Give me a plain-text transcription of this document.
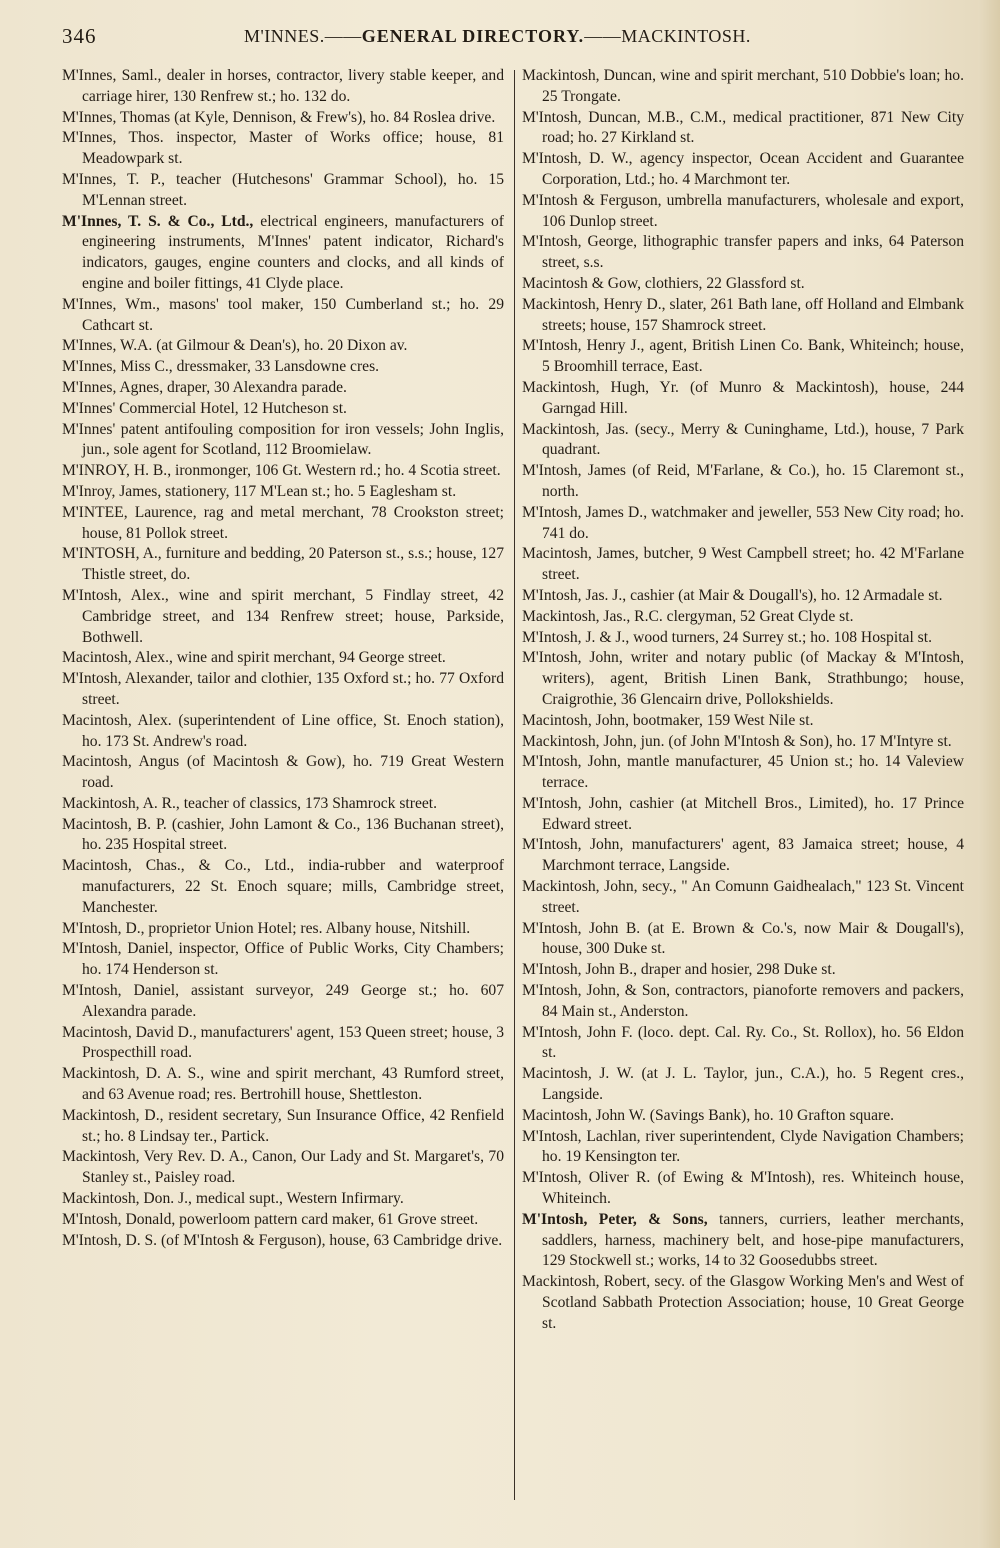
346	M'INNES.——GENERAL DIRECTORY.——MACKINTOSH.
M'Innes, Saml., dealer in horses, contractor, livery stable keeper, and carriage hirer, 130 Renfrew st.; ho. 132 do.
M'Innes, Thomas (at Kyle, Dennison, & Frew's), ho. 84 Roslea drive.
M'Innes, Thos. inspector, Master of Works office; house, 81 Meadowpark st.
M'Innes, T. P., teacher (Hutchesons' Grammar School), ho. 15 M'Lennan street.
M'Innes, T. S. & Co., Ltd., electrical engineers, manufacturers of engineering instruments, M'Innes' patent indicator, Richard's indicators, gauges, engine counters and clocks, and all kinds of engine and boiler fittings, 41 Clyde place.
M'Innes, Wm., masons' tool maker, 150 Cumberland st.; ho. 29 Cathcart st.
M'Innes, W.A. (at Gilmour & Dean's), ho. 20 Dixon av.
M'Innes, Miss C., dressmaker, 33 Lansdowne cres.
M'Innes, Agnes, draper, 30 Alexandra parade.
M'Innes' Commercial Hotel, 12 Hutcheson st.
M'Innes' patent antifouling composition for iron vessels; John Inglis, jun., sole agent for Scotland, 112 Broomielaw.
M'INROY, H. B., ironmonger, 106 Gt. Western rd.; ho. 4 Scotia street.
M'Inroy, James, stationery, 117 M'Lean st.; ho. 5 Eaglesham st.
M'INTEE, Laurence, rag and metal merchant, 78 Crookston street; house, 81 Pollok street.
M'INTOSH, A., furniture and bedding, 20 Paterson st., s.s.; house, 127 Thistle street, do.
M'Intosh, Alex., wine and spirit merchant, 5 Findlay street, 42 Cambridge street, and 134 Renfrew street; house, Parkside, Bothwell.
Macintosh, Alex., wine and spirit merchant, 94 George street.
M'Intosh, Alexander, tailor and clothier, 135 Oxford st.; ho. 77 Oxford street.
Macintosh, Alex. (superintendent of Line office, St. Enoch station), ho. 173 St. Andrew's road.
Macintosh, Angus (of Macintosh & Gow), ho. 719 Great Western road.
Mackintosh, A. R., teacher of classics, 173 Shamrock street.
Macintosh, B. P. (cashier, John Lamont & Co., 136 Buchanan street), ho. 235 Hospital street.
Macintosh, Chas., & Co., Ltd., india-rubber and waterproof manufacturers, 22 St. Enoch square; mills, Cambridge street, Manchester.
M'Intosh, D., proprietor Union Hotel; res. Albany house, Nitshill.
M'Intosh, Daniel, inspector, Office of Public Works, City Chambers; ho. 174 Henderson st.
M'Intosh, Daniel, assistant surveyor, 249 George st.; ho. 607 Alexandra parade.
Macintosh, David D., manufacturers' agent, 153 Queen street; house, 3 Prospecthill road.
Mackintosh, D. A. S., wine and spirit merchant, 43 Rumford street, and 63 Avenue road; res. Bertrohill house, Shettleston.
Mackintosh, D., resident secretary, Sun Insurance Office, 42 Renfield st.; ho. 8 Lindsay ter., Partick.
Mackintosh, Very Rev. D. A., Canon, Our Lady and St. Margaret's, 70 Stanley st., Paisley road.
Mackintosh, Don. J., medical supt., Western Infirmary.
M'Intosh, Donald, powerloom pattern card maker, 61 Grove street.
M'Intosh, D. S. (of M'Intosh & Ferguson), house, 63 Cambridge drive.
Mackintosh, Duncan, wine and spirit merchant, 510 Dobbie's loan; ho. 25 Trongate.
M'Intosh, Duncan, M.B., C.M., medical practitioner, 871 New City road; ho. 27 Kirkland st.
M'Intosh, D. W., agency inspector, Ocean Accident and Guarantee Corporation, Ltd.; ho. 4 Marchmont ter.
M'Intosh & Ferguson, umbrella manufacturers, wholesale and export, 106 Dunlop street.
M'Intosh, George, lithographic transfer papers and inks, 64 Paterson street, s.s.
Macintosh & Gow, clothiers, 22 Glassford st.
Mackintosh, Henry D., slater, 261 Bath lane, off Holland and Elmbank streets; house, 157 Shamrock street.
M'Intosh, Henry J., agent, British Linen Co. Bank, Whiteinch; house, 5 Broomhill terrace, East.
Mackintosh, Hugh, Yr. (of Munro & Mackintosh), house, 244 Garngad Hill.
Mackintosh, Jas. (secy., Merry & Cuninghame, Ltd.), house, 7 Park quadrant.
M'Intosh, James (of Reid, M'Farlane, & Co.), ho. 15 Claremont st., north.
M'Intosh, James D., watchmaker and jeweller, 553 New City road; ho. 741 do.
Macintosh, James, butcher, 9 West Campbell street; ho. 42 M'Farlane street.
M'Intosh, Jas. J., cashier (at Mair & Dougall's), ho. 12 Armadale st.
Mackintosh, Jas., R.C. clergyman, 52 Great Clyde st.
M'Intosh, J. & J., wood turners, 24 Surrey st.; ho. 108 Hospital st.
M'Intosh, John, writer and notary public (of Mackay & M'Intosh, writers), agent, British Linen Bank, Strathbungo; house, Craigrothie, 36 Glencairn drive, Pollokshields.
Macintosh, John, bootmaker, 159 West Nile st.
Mackintosh, John, jun. (of John M'Intosh & Son), ho. 17 M'Intyre st.
M'Intosh, John, mantle manufacturer, 45 Union st.; ho. 14 Valeview terrace.
M'Intosh, John, cashier (at Mitchell Bros., Limited), ho. 17 Prince Edward street.
M'Intosh, John, manufacturers' agent, 83 Jamaica street; house, 4 Marchmont terrace, Langside.
Mackintosh, John, secy., " An Comunn Gaidhealach," 123 St. Vincent street.
M'Intosh, John B. (at E. Brown & Co.'s, now Mair & Dougall's), house, 300 Duke st.
M'Intosh, John B., draper and hosier, 298 Duke st.
M'Intosh, John, & Son, contractors, pianoforte removers and packers, 84 Main st., Anderston.
M'Intosh, John F. (loco. dept. Cal. Ry. Co., St. Rollox), ho. 56 Eldon st.
Macintosh, J. W. (at J. L. Taylor, jun., C.A.), ho. 5 Regent cres., Langside.
Macintosh, John W. (Savings Bank), ho. 10 Grafton square.
M'Intosh, Lachlan, river superintendent, Clyde Navigation Chambers; ho. 19 Kensington ter.
M'Intosh, Oliver R. (of Ewing & M'Intosh), res. Whiteinch house, Whiteinch.
M'Intosh, Peter, & Sons, tanners, curriers, leather merchants, saddlers, harness, machinery belt, and hose-pipe manufacturers, 129 Stockwell st.; works, 14 to 32 Goosedubbs street.
Mackintosh, Robert, secy. of the Glasgow Working Men's and West of Scotland Sabbath Protection Association; house, 10 Great George st.
